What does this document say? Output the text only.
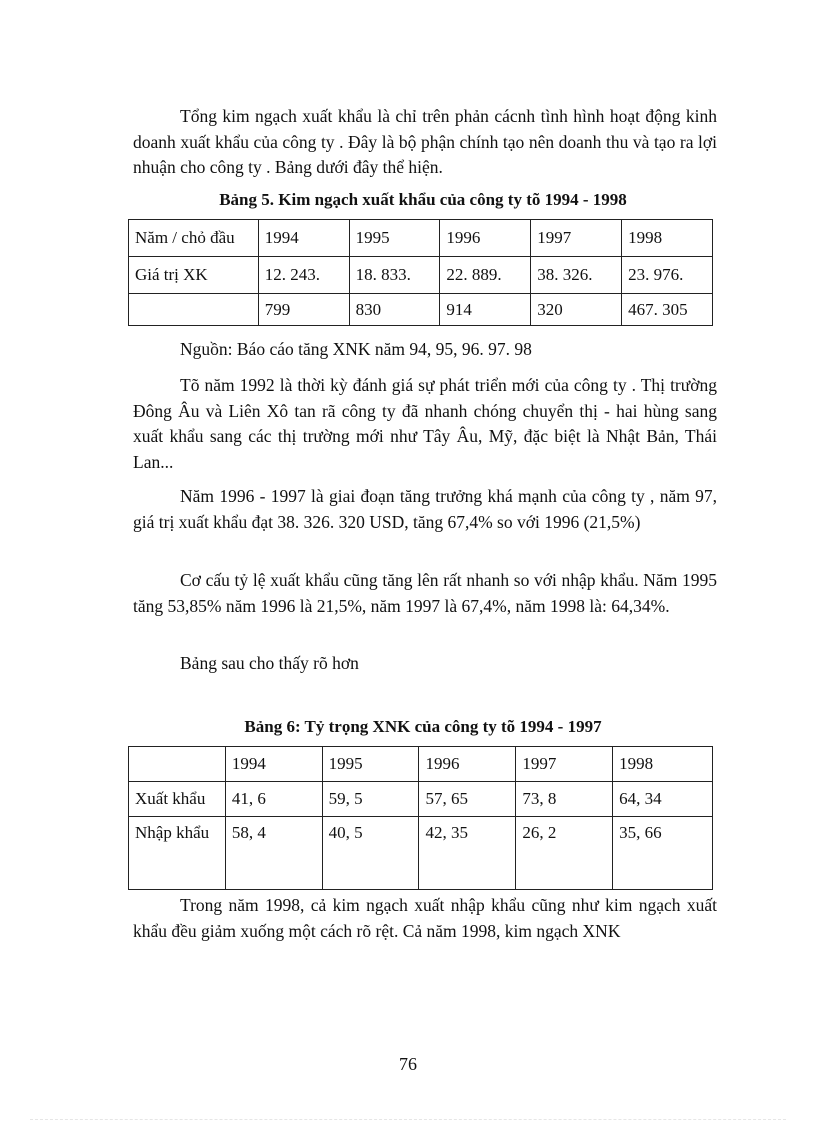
Tổng kim ngạch xuất khẩu là chỉ trên phản cácnh tình hình hoạt động kinh doanh xuất khẩu của công ty . Đây là bộ phận chính tạo nên doanh thu và tạo ra lợi nhuận cho công ty . Bảng dưới đây thể hiện.

Bảng 5. Kim ngạch xuất khẩu của công ty tõ 1994 - 1998

Năm / chỏ đầu	1994	1995	1996	1997	1998
Giá trị XK	12. 243.	18. 833.	22. 889.	38. 326.	23. 976.
	799	830	914	320	467. 305

Nguồn: Báo cáo tăng XNK năm 94, 95, 96. 97. 98

Tõ năm 1992 là thời kỳ đánh giá sự phát triển mới của công ty . Thị trường Đông Âu và Liên Xô tan rã công ty đã nhanh chóng chuyển thị - hai hùng sang xuất khẩu sang các thị trường mới như Tây Âu, Mỹ, đặc biệt là Nhật Bản, Thái Lan...

Năm 1996 - 1997 là giai đoạn tăng trưởng khá mạnh của công ty , năm 97, giá trị xuất khẩu đạt 38. 326. 320 USD, tăng 67,4% so với 1996 (21,5%)

Cơ cấu tỷ lệ xuất khẩu cũng tăng lên rất nhanh so với nhập khẩu. Năm 1995 tăng 53,85% năm 1996 là 21,5%, năm 1997 là 67,4%, năm 1998 là: 64,34%.

Bảng sau cho thấy rõ hơn

Bảng 6: Tỷ trọng XNK của công ty tõ 1994 - 1997

	1994	1995	1996	1997	1998
Xuất khẩu	41, 6	59, 5	57, 65	73, 8	64, 34
Nhập khẩu	58, 4	40, 5	42, 35	26, 2	35, 66

Trong năm 1998, cả kim ngạch xuất nhập khẩu cũng như kim ngạch xuất khẩu đều giảm xuống một cách rõ rệt. Cả năm 1998, kim ngạch XNK

76
